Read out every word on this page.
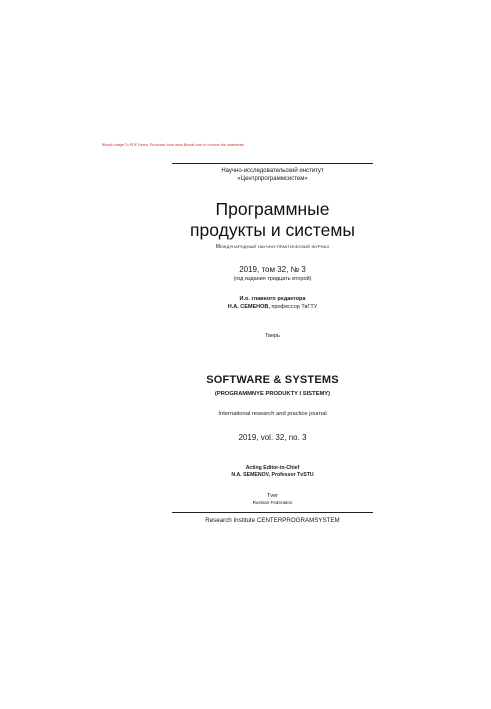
Bloodt Image To PDF Demo. Purchase from www.Bloodt.com to remove the watermark
Научно-исследовательский институт
«Центрпрограммсистем»
Программные
продукты и системы
Международный научно-практический журнал
2019, том 32, № 3
(год издания тридцать второй)
И.о. главного редактора
Н.А. СЕМЕНОВ, профессор ТвГТУ
Тверь
SOFTWARE & SYSTEMS
(PROGRAMMNYE PRODUKTY I SISTEMY)
International research and practice journal
2019, vol. 32, no. 3
Acting Editor-in-Chief
N.A. SEMENOV, Professor TvSTU
Tver
Russian Federation
Research Institute CENTERPROGRAMSYSTEM
